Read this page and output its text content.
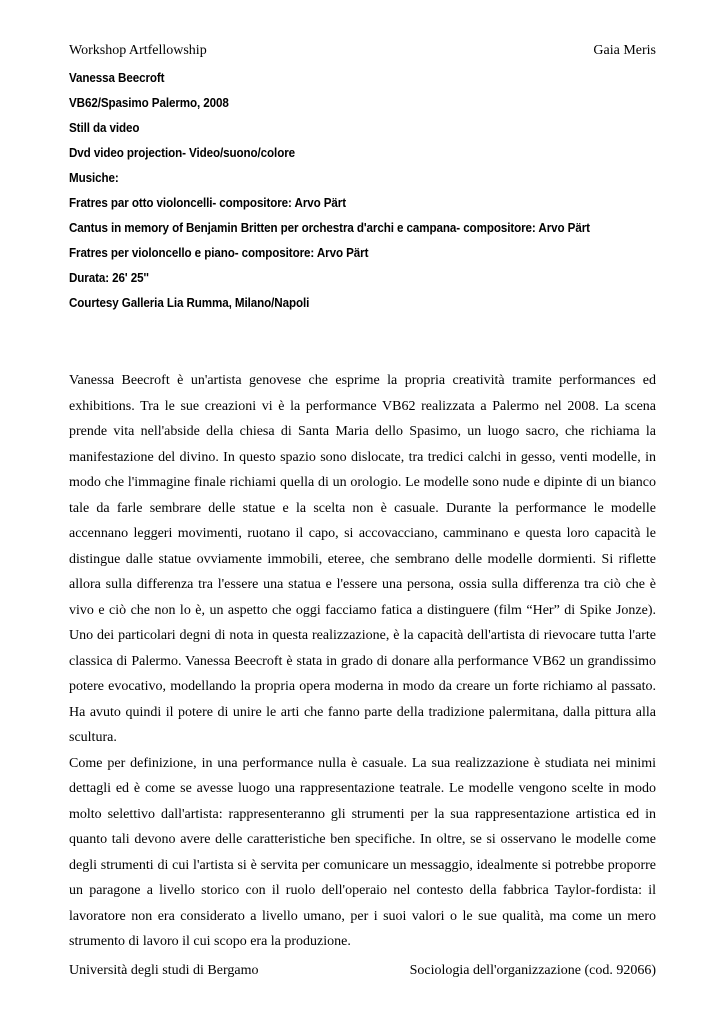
Workshop Artfellowship	Gaia Meris
Vanessa Beecroft
VB62/Spasimo Palermo, 2008
Still da video
Dvd video projection- Video/suono/colore
Musiche:
Fratres par otto violoncelli- compositore: Arvo Pärt
Cantus in memory of Benjamin Britten per orchestra d'archi e campana- compositore: Arvo Pärt
Fratres per violoncello e piano- compositore: Arvo Pärt
Durata: 26' 25''
Courtesy Galleria Lia Rumma, Milano/Napoli

Vanessa Beecroft è un'artista genovese che esprime la propria creatività tramite performances ed exhibitions. Tra le sue creazioni vi è la performance VB62 realizzata a Palermo nel 2008. La scena prende vita nell'abside della chiesa di Santa Maria dello Spasimo, un luogo sacro, che richiama la manifestazione del divino. In questo spazio sono dislocate, tra tredici calchi in gesso, venti modelle, in modo che l'immagine finale richiami quella di un orologio. Le modelle sono nude e dipinte di un bianco tale da farle sembrare delle statue e la scelta non è casuale. Durante la performance le modelle accennano leggeri movimenti, ruotano il capo, si accovacciano, camminano e questa loro capacità le distingue dalle statue ovviamente immobili, eteree, che sembrano delle modelle dormienti. Si riflette allora sulla differenza tra l'essere una statua e l'essere una persona, ossia sulla differenza tra ciò che è vivo e ciò che non lo è, un aspetto che oggi facciamo fatica a distinguere (film “Her” di Spike Jonze). Uno dei particolari degni di nota in questa realizzazione, è la capacità dell'artista di rievocare tutta l'arte classica di Palermo. Vanessa Beecroft è stata in grado di donare alla performance VB62 un grandissimo potere evocativo, modellando la propria opera moderna in modo da creare un forte richiamo al passato. Ha avuto quindi il potere di unire le arti che fanno parte della tradizione palermitana, dalla pittura alla scultura.

Come per definizione, in una performance nulla è casuale. La sua realizzazione è studiata nei minimi dettagli ed è come se avesse luogo una rappresentazione teatrale. Le modelle vengono scelte in modo molto selettivo dall'artista: rappresenteranno gli strumenti per la sua rappresentazione artistica ed in quanto tali devono avere delle caratteristiche ben specifiche. In oltre, se si osservano le modelle come degli strumenti di cui l'artista si è servita per comunicare un messaggio, idealmente si potrebbe proporre un paragone a livello storico con il ruolo dell'operaio nel contesto della fabbrica Taylor-fordista: il lavoratore non era considerato a livello umano, per i suoi valori o le sue qualità, ma come un mero strumento di lavoro il cui scopo era la produzione.

Università degli studi di Bergamo	Sociologia dell'organizzazione (cod. 92066)
